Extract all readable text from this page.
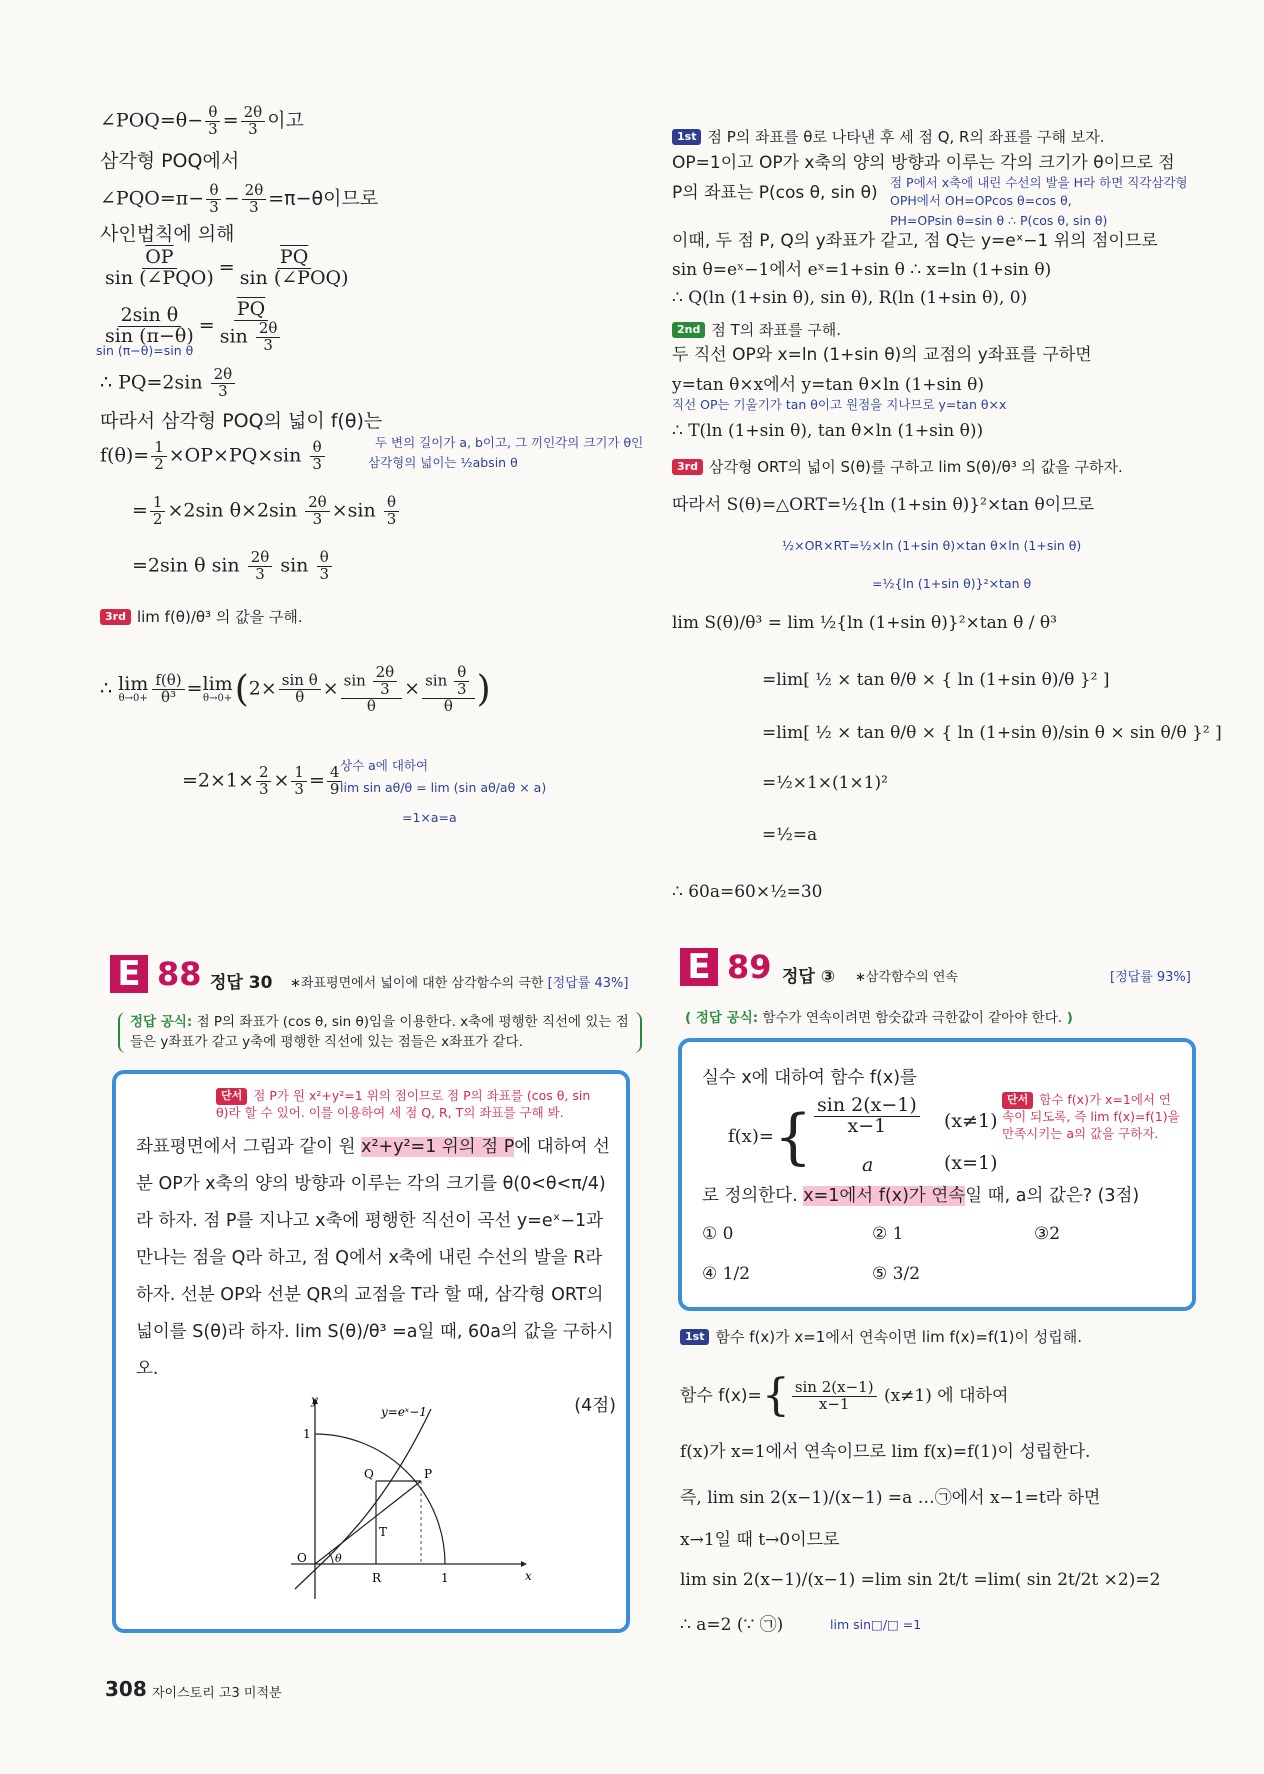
∠POQ=θ− $\frac{\theta}{3} = \frac{2\theta}{3}$ 이고
삼각형 POQ에서
∠PQO=π− $\frac{\theta}{3} - \frac{2\theta}{3} =\pi-\theta$이므로
사인법칙에 의해
$\frac{\overline{OP}}{\text{sin (∠PQO)}} = \frac{\overline{PQ}}{\text{sin (∠POQ)}}$
$\frac{\text{2sin θ}}{\sin (\pi-\theta)} = \frac{\overline{PQ}}{\sin \frac{2\theta}{3}}$
sin (π−θ)=sin θ
∴ $PQ=2\sin \frac{2\theta}{3}$
따라서 삼각형 POQ의 넓이 f(θ)는
$f(\theta)= \frac{1}{2} \times OP\times PQ\times\sin \frac{\theta}{3}$	두 변의 길이가 a, b이고, 그 끼인각의 크기가 θ인
삼각형의 넓이는 ½absin θ
= $\frac{1}{2} \times 2\sin$ $\theta\times 2\sin \frac{2\theta}{3} \times\sin \frac{\theta}{3}$
=2sin θ $\sin \frac{2\theta}{3}$ $\sin \frac{\theta}{3}$
3rd lim f(θ)/θ³ 의 값을 구해.
∴ lim
$\theta\to 0+ \frac{f(\theta)}{\text{θ³}} = \lim$
$\theta\to 0+ (2\times \frac{\text{sin θ}}{\theta} \times \frac{\sin \frac{2\theta}{3}}{\theta} \times \frac{\sin \frac{\theta}{3}}{\theta}$ )
$=2\times 1\times \frac{2}{3} \times \frac{1}{3} = \frac{4}{9}$
상수 a에 대하여
lim sin aθ/θ = lim (sin aθ/aθ × a)
=1×a=a
1st 점 P의 좌표를 θ로 나타낸 후 세 점 Q, R의 좌표를 구해 보자.
OP=1이고 OP가 x축의 양의 방향과 이루는 각의 크기가 θ이므로 점
P의 좌표는 P(cos θ, sin θ)
점 P에서 x축에 내린 수선의 발을 H라 하면 직각삼각형
OPH에서 OH=OPcos θ=cos θ,
PH=OPsin θ=sin θ ∴ P(cos θ, sin θ)
이때, 두 점 P, Q의 y좌표가 같고, 점 Q는 y=eˣ−1 위의 점이므로
sin θ=eˣ−1에서 eˣ=1+sin θ ∴ x=ln (1+sin θ)
∴ Q(ln (1+sin θ), sin θ), R(ln (1+sin θ), 0)
2nd 점 T의 좌표를 구해.
두 직선 OP와 x=ln (1+sin θ)의 교점의 y좌표를 구하면
y=tan θ×x에서 y=tan θ×ln (1+sin θ)
직선 OP는 기울기가 tan θ이고 원점을 지나므로 y=tan θ×x
∴ T(ln (1+sin θ), tan θ×ln (1+sin θ))
3rd 삼각형 ORT의 넓이 S(θ)를 구하고 lim S(θ)/θ³ 의 값을 구하자.
따라서 S(θ)=△ORT=½{ln (1+sin θ)}²×tan θ이므로
½×OR×RT=½×ln (1+sin θ)×tan θ×ln (1+sin θ)
=½{ln (1+sin θ)}²×tan θ
lim S(θ)/θ³ = lim ½{ln (1+sin θ)}²×tan θ / θ³
=lim[ ½ × tan θ/θ × { ln (1+sin θ)/θ }² ]
=lim[ ½ × tan θ/θ × { ln (1+sin θ)/sin θ × sin θ/θ }² ]
=½×1×(1×1)²
=½=a
∴ 60a=60×½=30
E 88 정답 30 ∗좌표평면에서 넓이에 대한 삼각함수의 극한 [정답률 43%]
정답 공식: 점 P의 좌표가 (cos θ, sin θ)임을 이용한다. x축에 평행한 직선에 있는 점들은 y좌표가 같고 y축에 평행한 직선에 있는 점들은 x좌표가 같다.
단서 점 P가 원 x²+y²=1 위의 점이므로 점 P의 좌표를 (cos θ, sin θ)라 할 수 있어. 이를 이용하여 세 점 Q, R, T의 좌표를 구해 봐.
좌표평면에서 그림과 같이 원 x²+y²=1 위의 점 P에 대하여 선
분 OP가 x축의 양의 방향과 이루는 각의 크기를 θ(0<θ<π/4)
라 하자. 점 P를 지나고 x축에 평행한 직선이 곡선 y=eˣ−1과
만나는 점을 Q라 하고, 점 Q에서 x축에 내린 수선의 발을 R라
하자. 선분 OP와 선분 QR의 교점을 T라 할 때, 삼각형 ORT의
넓이를 S(θ)라 하자. lim S(θ)/θ³ =a일 때, 60a의 값을 구하시오.
(4점)
y
x
y=eˣ−1
1
O	θ
Q	P
T
R	1
E 89 정답 ③ ∗삼각함수의 연속	[정답률 93%]
( 정답 공식: 함수가 연속이려면 함숫값과 극한값이 같아야 한다. )
실수 x에 대하여 함수 f(x)를
$f(x)=\{ \frac{\sin 2(x-1)}{x-1} (x\ne 1)$
a	(x=1)
단서 함수 f(x)가 x=1에서 연속이 되도록, 즉 lim f(x)=f(1)을 만족시키는 a의 값을 구하자.
로 정의한다. x=1에서 f(x)가 연속일 때, a의 값은? (3점)
① 0	② 1	③2
④ 1/2	⑤ 3/2
1st 함수 f(x)가 x=1에서 연속이면 lim f(x)=f(1)이 성립해.
함수 $f(x)=\{ \frac{\sin 2(x-1)}{x-1} (x\ne 1)$ 에 대하여
f(x)가 x=1에서 연속이므로 lim f(x)=f(1)이 성립한다.
즉, lim sin 2(x−1)/(x−1) =a …㉠에서 x−1=t라 하면
x→1일 때 t→0이므로
lim sin 2(x−1)/(x−1) =lim sin 2t/t =lim( sin 2t/2t ×2)=2
∴ a=2 (∵ ㉠)	lim sin□/□ =1
308 자이스토리 고3 미적분
